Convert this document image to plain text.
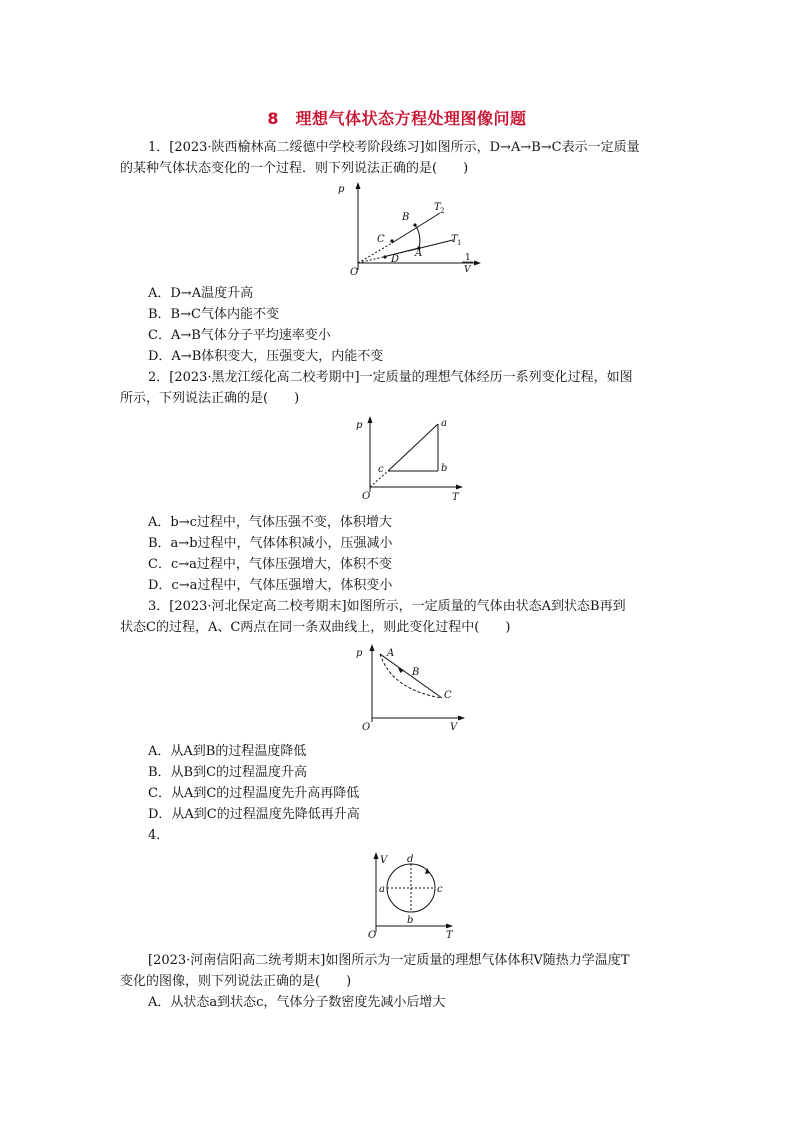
8　理想气体状态方程处理图像问题
1．[2023·陕西榆林高二绥德中学校考阶段练习]如图所示，D→A→B→C表示一定质量
的某种气体状态变化的一个过程．则下列说法正确的是(　　)
p
O
B
C
A
D
T 2
T 1
1
V
A．D→A温度升高
B．B→C气体内能不变
C．A→B气体分子平均速率变小
D．A→B体积变大，压强变大，内能不变
2．[2023·黑龙江绥化高二校考期中]一定质量的理想气体经历一系列变化过程，如图
所示，下列说法正确的是(　　)
p
O	T
a
b
c
A．b→c过程中，气体压强不变，体积增大
B．a→b过程中，气体体积减小，压强减小
C．c→a过程中，气体压强增大，体积不变
D．c→a过程中，气体压强增大，体积变小
3．[2023·河北保定高二校考期末]如图所示，一定质量的气体由状态A到状态B再到
状态C的过程，A、C两点在同一条双曲线上，则此变化过程中(　　)
p
O	V
A
B
C
A．从A到B的过程温度降低
B．从B到C的过程温度升高
C．从A到C的过程温度先升高再降低
D．从A到C的过程温度先降低再升高
4．
V
O	T
a
b
c
d
[2023·河南信阳高二统考期末]如图所示为一定质量的理想气体体积V随热力学温度T
变化的图像，则下列说法正确的是(　　)
A．从状态a到状态c，气体分子数密度先减小后增大
